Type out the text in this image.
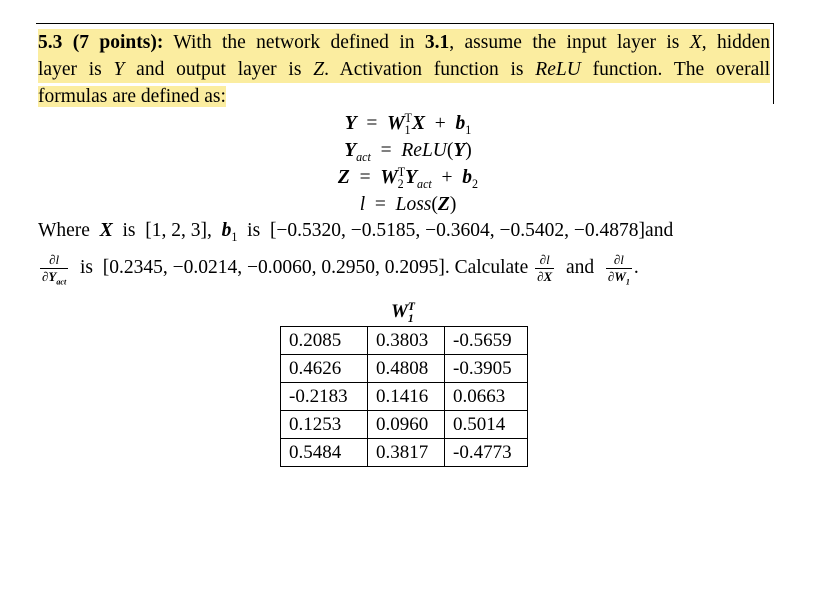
5.3 (7 points): With the network defined in 3.1, assume the input layer is X, hidden
layer is Y and output layer is Z. Activation function is ReLU function. The overall
formulas are defined as:
$Y = W_1^TX + b_1$
$Y_{act}$  =  ReLU(Y)
$Z = W_2^TY_{act} + b_2$
l  =  Loss(Z)
Where X is [1, 2, 3], $b_1$ is [−0.5320, −0.5185, −0.3604, −0.5402, −0.4878]and
$\frac{\partial l}{\partial Y_{act}}$ is [0.2345, −0.0214, −0.0060, 0.2950, 0.2095]. Calculate $\frac{\partial l}{\partial X}$ and $\frac{\partial l}{\partial W_1}$ .
$W_1^T$
0.2085	0.3803	-0.5659
0.4626	0.4808	-0.3905
-0.2183	0.1416	0.0663
0.1253	0.0960	0.5014
0.5484	0.3817	-0.4773
